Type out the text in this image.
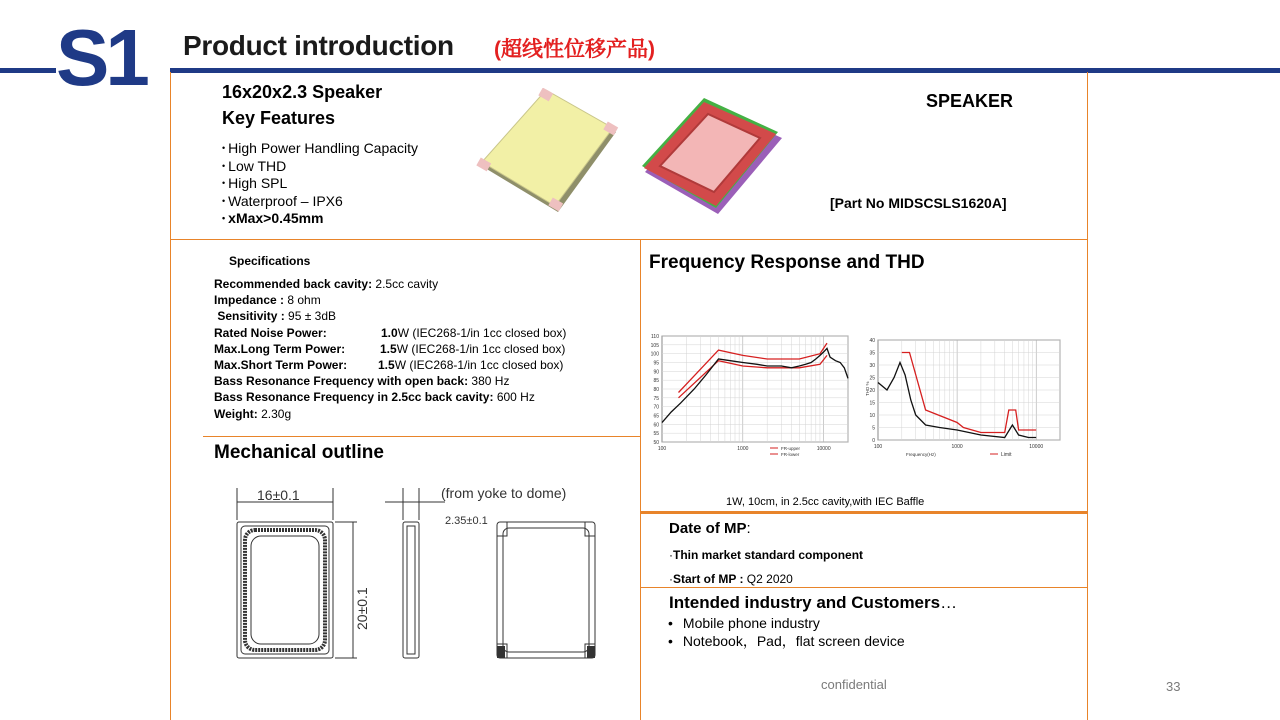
S1 Product introduction (超线性位移产品)
16x20x2.3 Speaker
Key Features
• High Power Handling Capacity
• Low THD
• High SPL
• Waterproof – IPX6
• xMax>0.45mm
SPEAKER
[Part No MIDSCSLS1620A]
Specifications
Recommended back cavity: 2.5cc cavity
Impedance : 8 ohm
Sensitivity : 95 ± 3dB
Rated Noise Power:	1.0W (IEC268-1/in 1cc closed box)
Max.Long Term Power:	1.5W (IEC268-1/in 1cc closed box)
Max.Short Term Power:	1.5W (IEC268-1/in 1cc closed box)
Bass Resonance Frequency with open back: 380 Hz
Bass Resonance Frequency in 2.5cc back cavity: 600 Hz
Weight: 2.30g
Frequency Response and THD
110
105
100
95
90
85
80
75
70
65
60
55
50
100	1000	10000
FR-upper
FR-lower
40
35
30
25
20
15
10
5
0
100	1000	10000
Frequency(Hz)
THD %
Limit
1W, 10cm, in 2.5cc cavity,with IEC Baffle
Mechanical outline
16±0.1
20±0.1
2.35±0.1
(from yoke to dome)
Date of MP:
·Thin market standard component
·Start of MP : Q2 2020
Intended industry and Customers…
• Mobile phone industry
• Notebook，Pad，flat screen device
confidential	33
